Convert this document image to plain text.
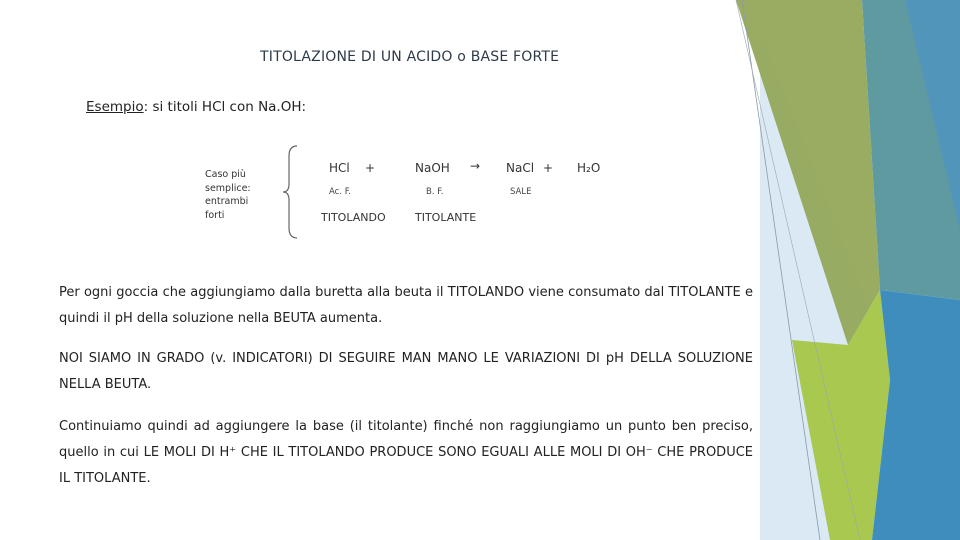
TITOLAZIONE DI UN ACIDO o BASE FORTE
Esempio: si titoli HCl con Na.OH:
Caso più
semplice:
entrambi
forti
HCl +	NaOH → NaCl + H₂O
Ac. F.	B. F.	SALE
TITOLANDO	TITOLANTE
Per ogni goccia che aggiungiamo dalla buretta alla beuta il TITOLANDO viene consumato dal TITOLANTE e quindi il pH della soluzione nella BEUTA aumenta.
NOI SIAMO IN GRADO (v. INDICATORI) DI SEGUIRE MAN MANO LE VARIAZIONI DI pH DELLA SOLUZIONE NELLA BEUTA.
Continuiamo quindi ad aggiungere la base (il titolante) finché non raggiungiamo un punto ben preciso, quello in cui LE MOLI DI H⁺ CHE IL TITOLANDO PRODUCE SONO EGUALI ALLE MOLI DI OH⁻ CHE PRODUCE IL TITOLANTE.
